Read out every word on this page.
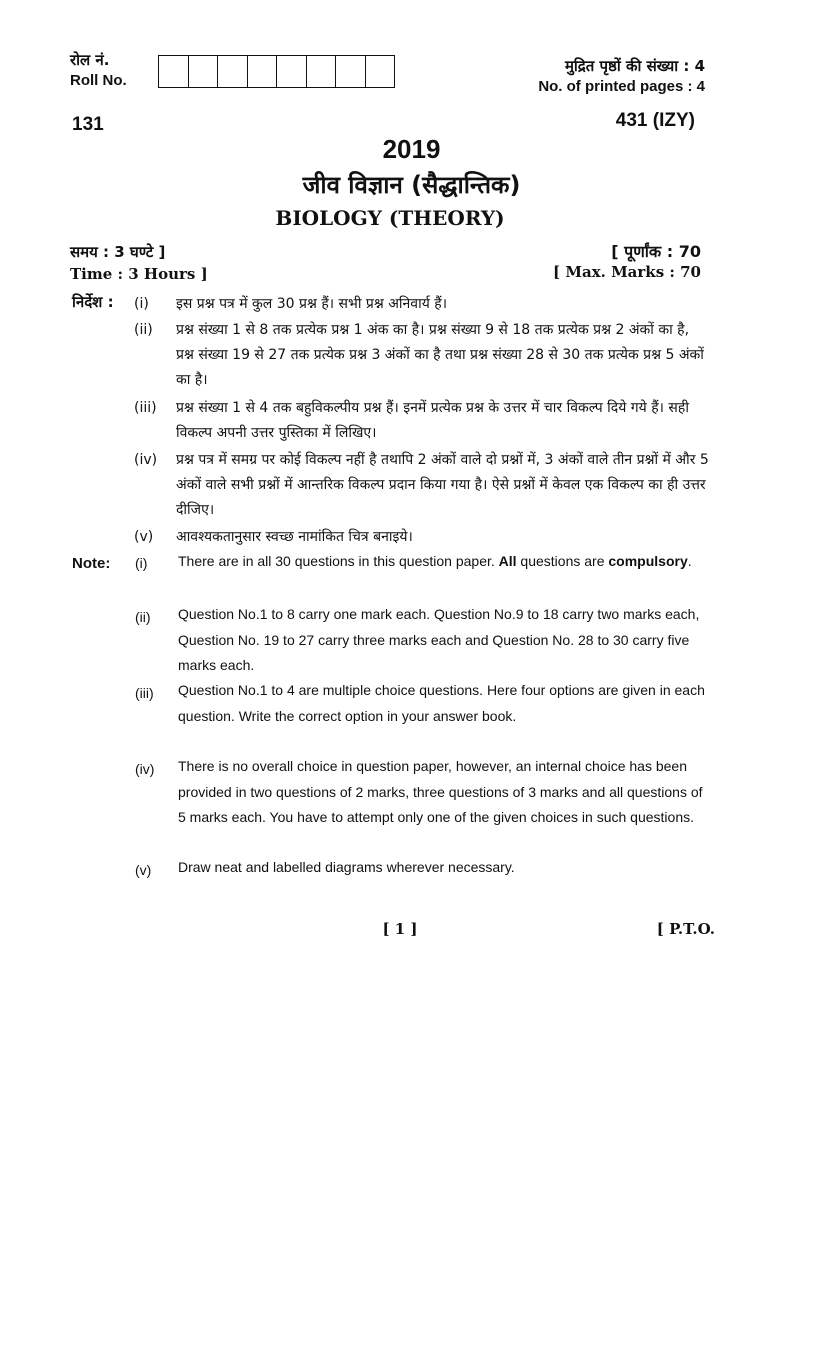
रोल नं.
Roll No.
मुद्रित पृष्ठों की संख्या : 4
No. of printed pages : 4
131	431 (IZY)
2019
जीव विज्ञान (सैद्धान्तिक)
BIOLOGY (THEORY)
समय : 3 घण्टे ]
Time : 3 Hours ]
[ पूर्णांक : 70
[ Max. Marks : 70
निर्देश : (i) इस प्रश्न पत्र में कुल 30 प्रश्न हैं। सभी प्रश्न अनिवार्य हैं।
(ii) प्रश्न संख्या 1 से 8 तक प्रत्येक प्रश्न 1 अंक का है। प्रश्न संख्या 9 से 18 तक प्रत्येक प्रश्न 2 अंकों का है, प्रश्न संख्या 19 से 27 तक प्रत्येक प्रश्न 3 अंकों का है तथा प्रश्न संख्या 28 से 30 तक प्रत्येक प्रश्न 5 अंकों का है।
(iii) प्रश्न संख्या 1 से 4 तक बहुविकल्पीय प्रश्न हैं। इनमें प्रत्येक प्रश्न के उत्तर में चार विकल्प दिये गये हैं। सही विकल्प अपनी उत्तर पुस्तिका में लिखिए।
(iv) प्रश्न पत्र में समग्र पर कोई विकल्प नहीं है तथापि 2 अंकों वाले दो प्रश्नों में, 3 अंकों वाले तीन प्रश्नों में और 5 अंकों वाले सभी प्रश्नों में आन्तरिक विकल्प प्रदान किया गया है। ऐसे प्रश्नों में केवल एक विकल्प का ही उत्तर दीजिए।
(v) आवश्यकतानुसार स्वच्छ नामांकित चित्र बनाइये।
Note: (i) There are in all 30 questions in this question paper. All questions are compulsory.
(ii) Question No.1 to 8 carry one mark each. Question No.9 to 18 carry two marks each, Question No. 19 to 27 carry three marks each and Question No. 28 to 30 carry five marks each.
(iii) Question No.1 to 4 are multiple choice questions. Here four options are given in each question. Write the correct option in your answer book.
(iv) There is no overall choice in question paper, however, an internal choice has been provided in two questions of 2 marks, three questions of 3 marks and all questions of 5 marks each. You have to attempt only one of the given choices in such questions.
(v) Draw neat and labelled diagrams wherever necessary.
[ 1 ]	[ P.T.O.
